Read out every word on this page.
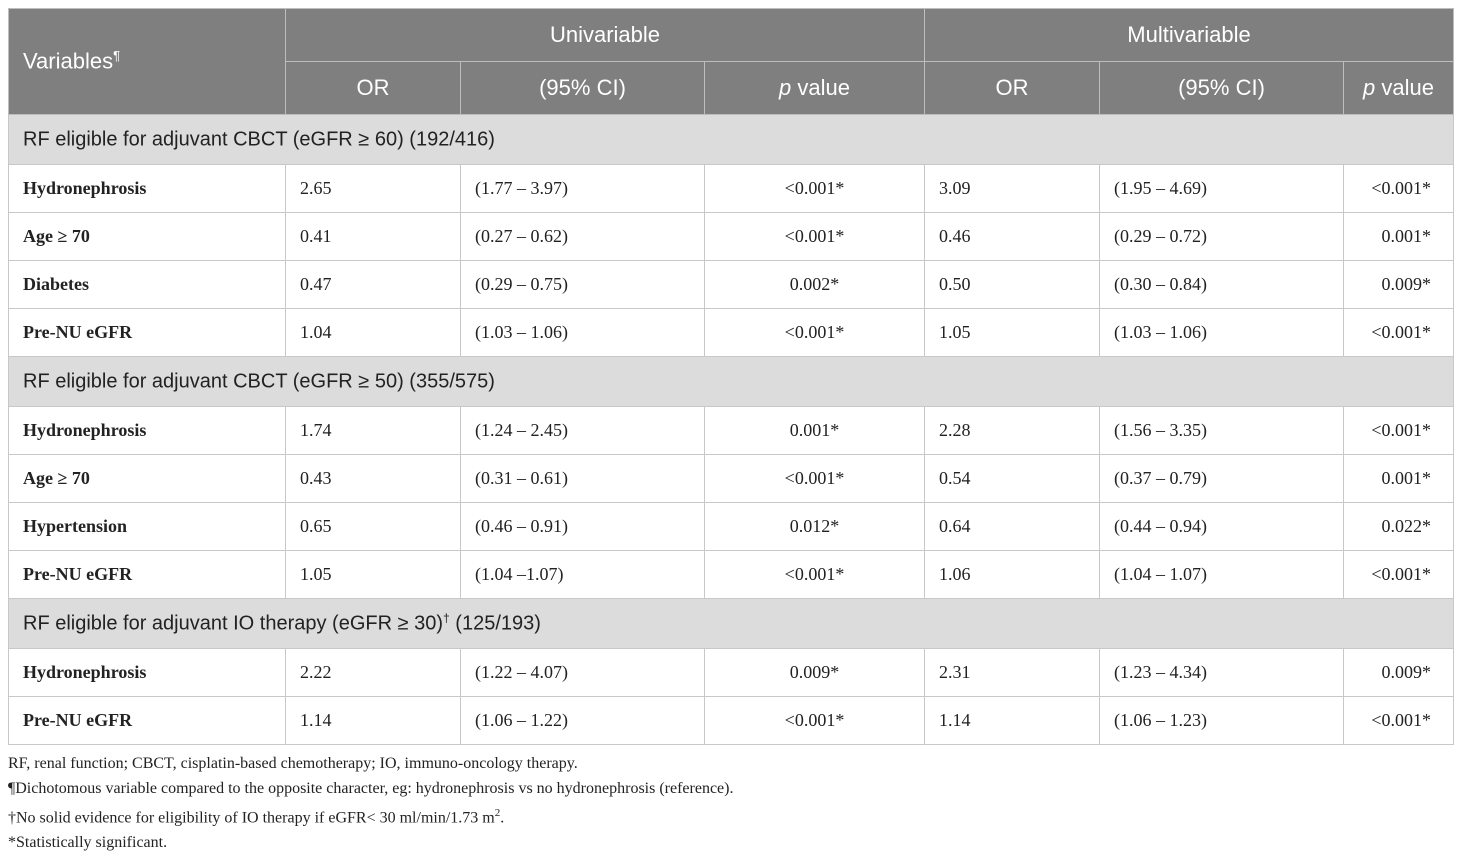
Variables¶	Univariable			Multivariable		
	OR	(95% CI)	p value	OR	(95% CI)	p value
RF eligible for adjuvant CBCT (eGFR ≥ 60) (192/416)						
Hydronephrosis	2.65	(1.77 – 3.97)	<0.001*	3.09	(1.95 – 4.69)	<0.001*
Age ≥ 70	0.41	(0.27 – 0.62)	<0.001*	0.46	(0.29 – 0.72)	0.001*
Diabetes	0.47	(0.29 – 0.75)	0.002*	0.50	(0.30 – 0.84)	0.009*
Pre-NU eGFR	1.04	(1.03 – 1.06)	<0.001*	1.05	(1.03 – 1.06)	<0.001*
RF eligible for adjuvant CBCT (eGFR ≥ 50) (355/575)						
Hydronephrosis	1.74	(1.24 – 2.45)	0.001*	2.28	(1.56 – 3.35)	<0.001*
Age ≥ 70	0.43	(0.31 – 0.61)	<0.001*	0.54	(0.37 – 0.79)	0.001*
Hypertension	0.65	(0.46 – 0.91)	0.012*	0.64	(0.44 – 0.94)	0.022*
Pre-NU eGFR	1.05	(1.04 –1.07)	<0.001*	1.06	(1.04 – 1.07)	<0.001*
RF eligible for adjuvant IO therapy (eGFR ≥ 30)† (125/193)						
Hydronephrosis	2.22	(1.22 – 4.07)	0.009*	2.31	(1.23 – 4.34)	0.009*
Pre-NU eGFR	1.14	(1.06 – 1.22)	<0.001*	1.14	(1.06 – 1.23)	<0.001*
RF, renal function; CBCT, cisplatin-based chemotherapy; IO, immuno-oncology therapy.
¶Dichotomous variable compared to the opposite character, eg: hydronephrosis vs no hydronephrosis (reference).
†No solid evidence for eligibility of IO therapy if eGFR< 30 ml/min/1.73 $m^2$.
*Statistically significant.
